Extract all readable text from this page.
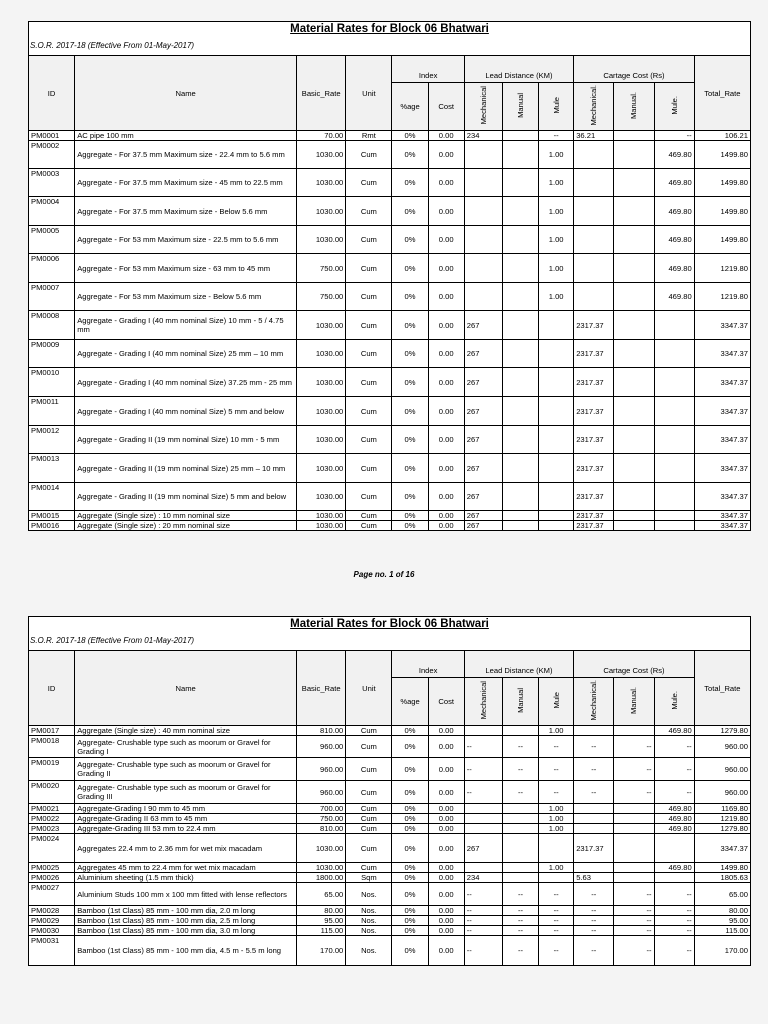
Material Rates for Block 06 Bhatwari
S.O.R. 2017-18 (Effective From 01-May-2017)
ID	Name	Basic_Rate	Unit	Index		Lead Distance (KM)			Cartage Cost (Rs)			Total_Rate
				%age	Cost	Mechanical	Manual	Mule	Mechanical.	Manual.	Mule.	
PM0001	AC pipe 100 mm	70.00	Rmt	0%	0.00	234		--	36.21		--	106.21
PM0002	Aggregate - For 37.5 mm Maximum size - 22.4 mm to 5.6 mm	1030.00	Cum	0%	0.00			1.00			469.80	1499.80
PM0003	Aggregate - For 37.5 mm Maximum size - 45 mm to 22.5 mm	1030.00	Cum	0%	0.00			1.00			469.80	1499.80
PM0004	Aggregate - For 37.5 mm Maximum size - Below 5.6 mm	1030.00	Cum	0%	0.00			1.00			469.80	1499.80
PM0005	Aggregate - For 53 mm Maximum size - 22.5 mm to 5.6 mm	1030.00	Cum	0%	0.00			1.00			469.80	1499.80
PM0006	Aggregate - For 53 mm Maximum size - 63 mm to 45 mm	750.00	Cum	0%	0.00			1.00			469.80	1219.80
PM0007	Aggregate - For 53 mm Maximum size - Below 5.6 mm	750.00	Cum	0%	0.00			1.00			469.80	1219.80
PM0008	Aggregate - Grading I (40 mm nominal Size) 10 mm - 5 / 4.75 mm	1030.00	Cum	0%	0.00	267			2317.37			3347.37
PM0009	Aggregate - Grading I (40 mm nominal Size) 25 mm – 10 mm	1030.00	Cum	0%	0.00	267			2317.37			3347.37
PM0010	Aggregate - Grading I (40 mm nominal Size) 37.25 mm - 25 mm	1030.00	Cum	0%	0.00	267			2317.37			3347.37
PM0011	Aggregate - Grading I (40 mm nominal Size) 5 mm and below	1030.00	Cum	0%	0.00	267			2317.37			3347.37
PM0012	Aggregate - Grading II (19 mm nominal Size) 10 mm - 5 mm	1030.00	Cum	0%	0.00	267			2317.37			3347.37
PM0013	Aggregate - Grading II (19 mm nominal Size) 25 mm – 10 mm	1030.00	Cum	0%	0.00	267			2317.37			3347.37
PM0014	Aggregate - Grading II (19 mm nominal Size) 5 mm and below	1030.00	Cum	0%	0.00	267			2317.37			3347.37
PM0015	Aggregate (Single size) : 10 mm nominal size	1030.00	Cum	0%	0.00	267			2317.37			3347.37
PM0016	Aggregate (Single size) : 20 mm nominal size	1030.00	Cum	0%	0.00	267			2317.37			3347.37
Page no. 1 of 16
Material Rates for Block 06 Bhatwari
S.O.R. 2017-18 (Effective From 01-May-2017)
ID	Name	Basic_Rate	Unit	Index		Lead Distance (KM)			Cartage Cost (Rs)			Total_Rate
				%age	Cost	Mechanical	Manual	Mule	Mechanical.	Manual.	Mule.	
PM0017	Aggregate (Single size) : 40 mm nominal size	810.00	Cum	0%	0.00			1.00			469.80	1279.80
PM0018	Aggregate- Crushable type such as moorum or Gravel for Grading I	960.00	Cum	0%	0.00	--	--	--	--	--	--	960.00
PM0019	Aggregate- Crushable type such as moorum or Gravel for Grading II	960.00	Cum	0%	0.00	--	--	--	--	--	--	960.00
PM0020	Aggregate- Crushable type such as moorum or Gravel for Grading III	960.00	Cum	0%	0.00	--	--	--	--	--	--	960.00
PM0021	Aggregate-Grading I 90 mm to 45 mm	700.00	Cum	0%	0.00			1.00			469.80	1169.80
PM0022	Aggregate-Grading II 63 mm to 45 mm	750.00	Cum	0%	0.00			1.00			469.80	1219.80
PM0023	Aggregate-Grading III 53 mm to 22.4 mm	810.00	Cum	0%	0.00			1.00			469.80	1279.80
PM0024	Aggregates 22.4 mm to 2.36 mm for wet mix macadam	1030.00	Cum	0%	0.00	267			2317.37			3347.37
PM0025	Aggregates 45 mm to 22.4 mm for wet mix macadam	1030.00	Cum	0%	0.00			1.00			469.80	1499.80
PM0026	Aluminium sheeting (1.5 mm thick)	1800.00	Sqm	0%	0.00	234			5.63			1805.63
PM0027	Aluminium Studs 100 mm x 100 mm fitted with lense reflectors	65.00	Nos.	0%	0.00	--	--	--	--	--	--	65.00
PM0028	Bamboo (1st Class) 85 mm - 100 mm dia, 2.0 m long	80.00	Nos.	0%	0.00	--	--	--	--	--	--	80.00
PM0029	Bamboo (1st Class) 85 mm - 100 mm dia, 2.5 m long	95.00	Nos.	0%	0.00	--	--	--	--	--	--	95.00
PM0030	Bamboo (1st Class) 85 mm - 100 mm dia, 3.0 m long	115.00	Nos.	0%	0.00	--	--	--	--	--	--	115.00
PM0031	Bamboo (1st Class) 85 mm - 100 mm dia, 4.5 m - 5.5 m long	170.00	Nos.	0%	0.00	--	--	--	--	--	--	170.00
